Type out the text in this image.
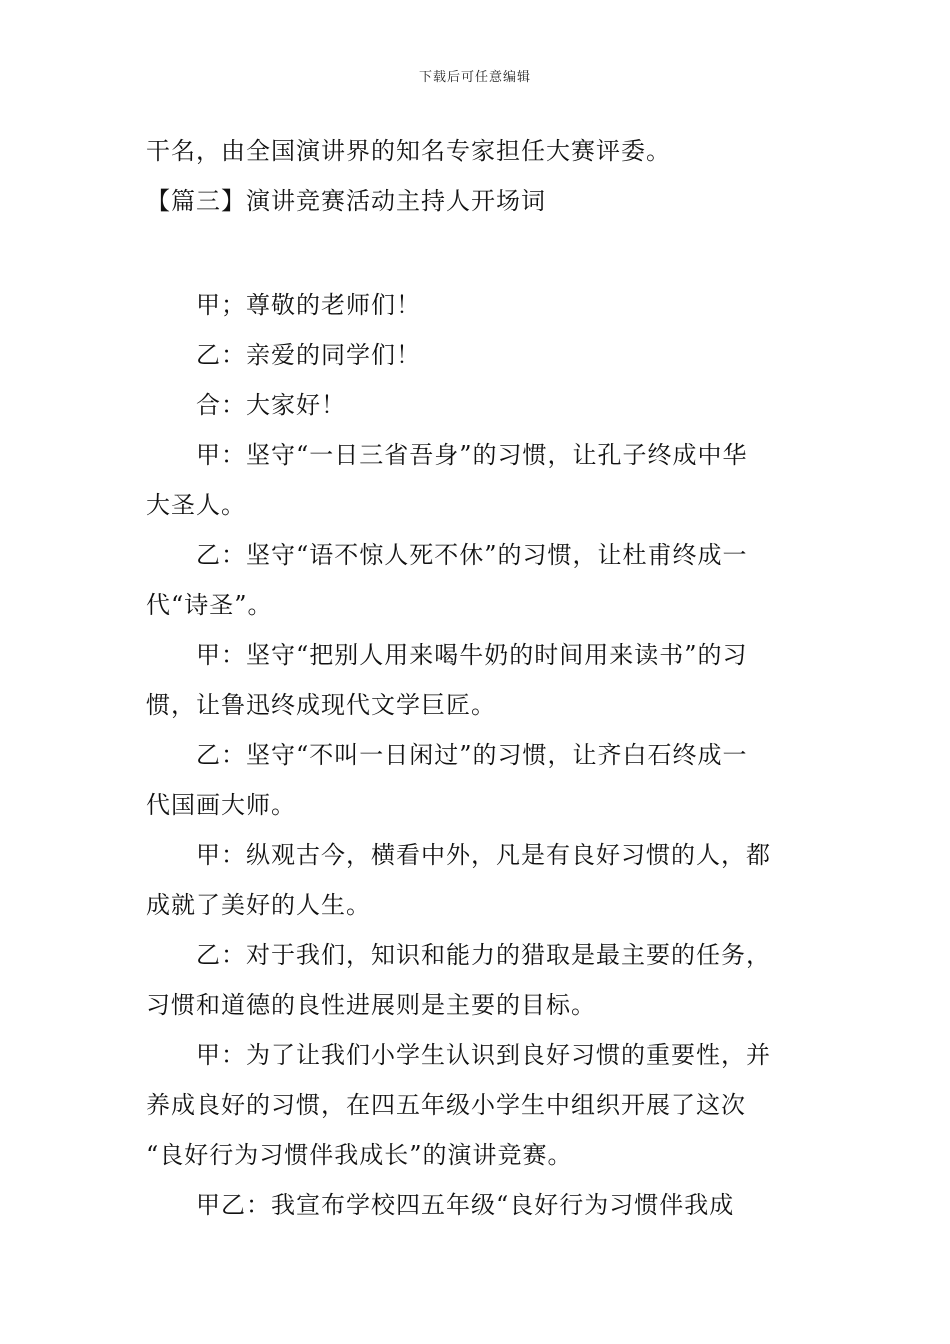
下载后可任意编辑
干名，由全国演讲界的知名专家担任大赛评委。
【篇三】演讲竞赛活动主持人开场词
甲；尊敬的老师们！
乙：亲爱的同学们！
合：大家好！
甲：坚守“一日三省吾身”的习惯，让孔子终成中华
大圣人。
乙：坚守“语不惊人死不休”的习惯，让杜甫终成一
代“诗圣”。
甲：坚守“把别人用来喝牛奶的时间用来读书”的习
惯，让鲁迅终成现代文学巨匠。
乙：坚守“不叫一日闲过”的习惯，让齐白石终成一
代国画大师。
甲：纵观古今，横看中外，凡是有良好习惯的人，都
成就了美好的人生。
乙：对于我们，知识和能力的猎取是最主要的任务，
习惯和道德的良性进展则是主要的目标。
甲：为了让我们小学生认识到良好习惯的重要性，并
养成良好的习惯，在四五年级小学生中组织开展了这次
“良好行为习惯伴我成长”的演讲竞赛。
甲乙：我宣布学校四五年级“良好行为习惯伴我成
